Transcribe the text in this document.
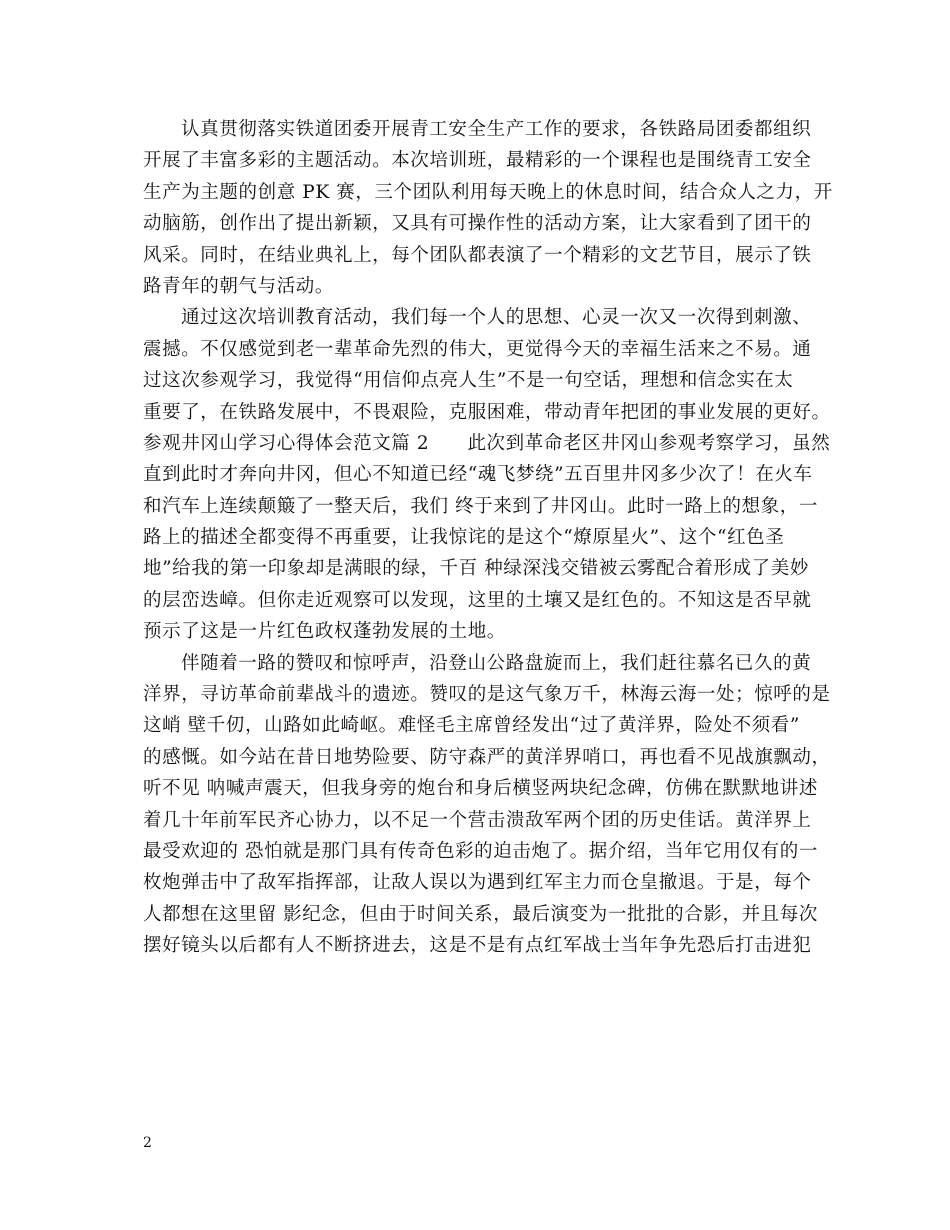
认真贯彻落实铁道团委开展青工安全生产工作的要求，各铁路局团委都组织
开展了丰富多彩的主题活动。本次培训班，最精彩的一个课程也是围绕青工安全
生产为主题的创意 PK 赛，三个团队利用每天晚上的休息时间，结合众人之力，开
动脑筋，创作出了提出新颖，又具有可操作性的活动方案，让大家看到了团干的
风采。同时，在结业典礼上，每个团队都表演了一个精彩的文艺节目，展示了铁
路青年的朝气与活动。
通过这次培训教育活动，我们每一个人的思想、心灵一次又一次得到刺激、
震撼。不仅感觉到老一辈革命先烈的伟大，更觉得今天的幸福生活来之不易。通
过这次参观学习，我觉得“用信仰点亮人生”不是一句空话，理想和信念实在太
重要了，在铁路发展中，不畏艰险，克服困难，带动青年把团的事业发展的更好。
参观井冈山学习心得体会范文篇 2　　此次到革命老区井冈山参观考察学习，虽然
直到此时才奔向井冈，但心不知道已经“魂飞梦绕”五百里井冈多少次了！在火车
和汽车上连续颠簸了一整天后，我们 终于来到了井冈山。此时一路上的想象，一
路上的描述全都变得不再重要，让我惊诧的是这个“燎原星火”、这个“红色圣
地”给我的第一印象却是满眼的绿，千百 种绿深浅交错被云雾配合着形成了美妙
的层峦迭嶂。但你走近观察可以发现，这里的土壤又是红色的。不知这是否早就
预示了这是一片红色政权蓬勃发展的土地。
伴随着一路的赞叹和惊呼声，沿登山公路盘旋而上，我们赶往慕名已久的黄
洋界，寻访革命前辈战斗的遗迹。赞叹的是这气象万千，林海云海一处；惊呼的是
这峭 壁千仞，山路如此崎岖。难怪毛主席曾经发出“过了黄洋界，险处不须看”
的感慨。如今站在昔日地势险要、防守森严的黄洋界哨口，再也看不见战旗飘动，
听不见 呐喊声震天，但我身旁的炮台和身后横竖两块纪念碑，仿佛在默默地讲述
着几十年前军民齐心协力，以不足一个营击溃敌军两个团的历史佳话。黄洋界上
最受欢迎的 恐怕就是那门具有传奇色彩的迫击炮了。据介绍，当年它用仅有的一
枚炮弹击中了敌军指挥部，让敌人误以为遇到红军主力而仓皇撤退。于是，每个
人都想在这里留 影纪念，但由于时间关系，最后演变为一批批的合影，并且每次
摆好镜头以后都有人不断挤进去，这是不是有点红军战士当年争先恐后打击进犯
2
